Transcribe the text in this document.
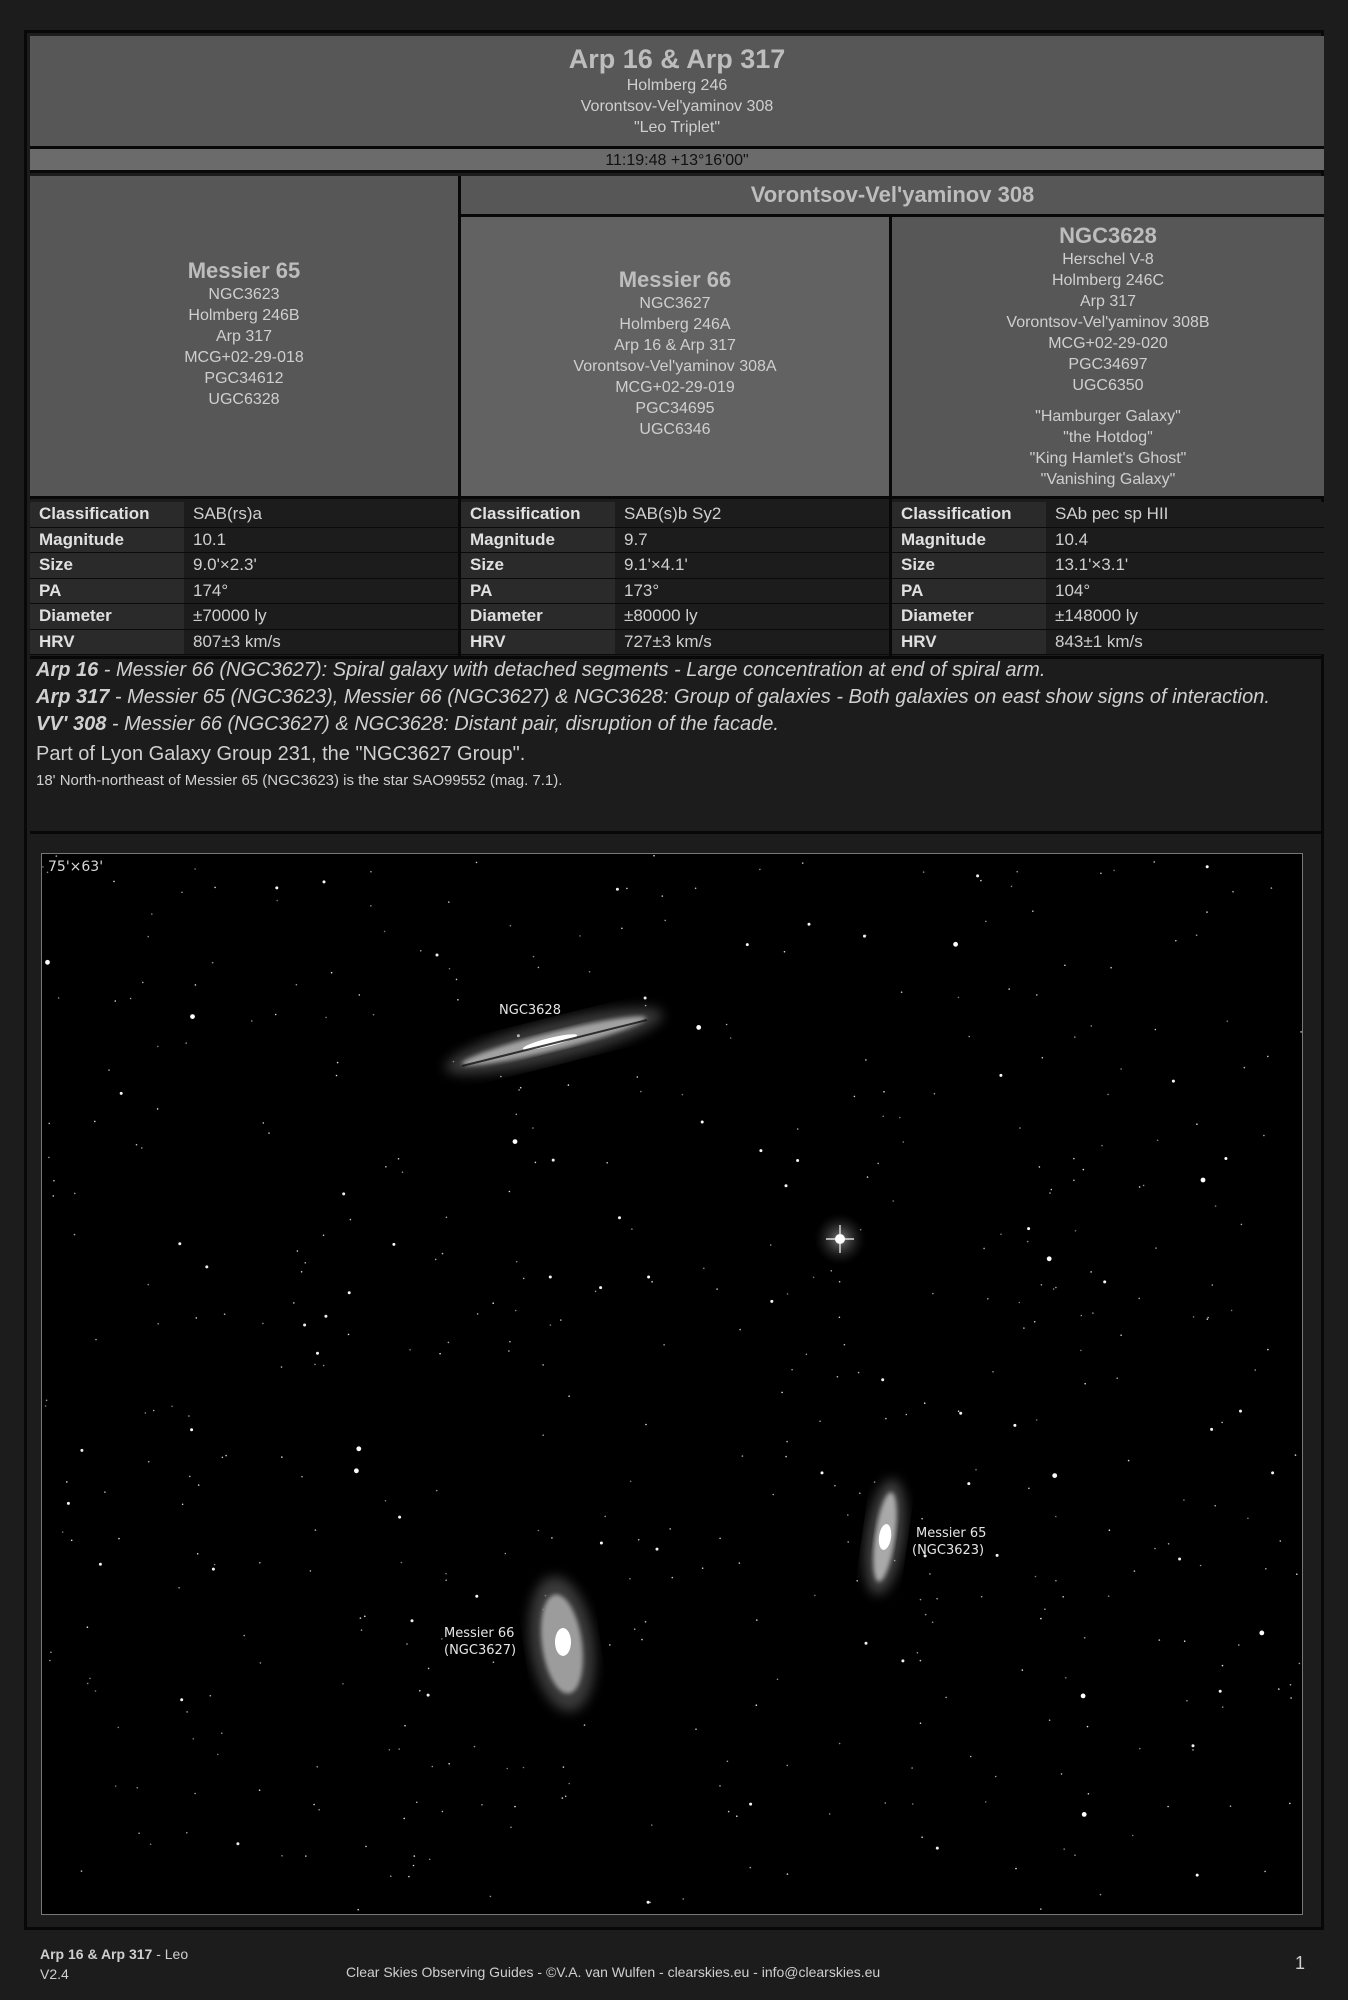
Arp 16 & Arp 317
Holmberg 246
Vorontsov-Vel'yaminov 308
"Leo Triplet"
11:19:48 +13°16'00"
Messier 65
NGC3623
Holmberg 246B
Arp 317
MCG+02-29-018
PGC34612
UGC6328
Vorontsov-Vel'yaminov 308
Messier 66
NGC3627
Holmberg 246A
Arp 16 & Arp 317
Vorontsov-Vel'yaminov 308A
MCG+02-29-019
PGC34695
UGC6346
NGC3628
Herschel V-8
Holmberg 246C
Arp 317
Vorontsov-Vel'yaminov 308B
MCG+02-29-020
PGC34697
UGC6350
"Hamburger Galaxy"
"the Hotdog"
"King Hamlet's Ghost"
"Vanishing Galaxy"
Classification	SAB(rs)a
Magnitude	10.1
Size	9.0'×2.3'
PA	174°
Diameter	±70000 ly
HRV	807±3 km/s
Classification	SAB(s)b Sy2
Magnitude	9.7
Size	9.1'×4.1'
PA	173°
Diameter	±80000 ly
HRV	727±3 km/s
Classification	SAb pec sp HII
Magnitude	10.4
Size	13.1'×3.1'
PA	104°
Diameter	±148000 ly
HRV	843±1 km/s
Arp 16 - Messier 66 (NGC3627): Spiral galaxy with detached segments - Large concentration at end of spiral arm.
Arp 317 - Messier 65 (NGC3623), Messier 66 (NGC3627) & NGC3628: Group of galaxies - Both galaxies on east show signs of interaction.
VV' 308 - Messier 66 (NGC3627) & NGC3628: Distant pair, disruption of the facade.
Part of Lyon Galaxy Group 231, the "NGC3627 Group".
18' North-northeast of Messier 65 (NGC3623) is the star SAO99552 (mag. 7.1).
NGC3628
Messier 65
(NGC3623)
Messier 66
(NGC3627)
75'×63'
Arp 16 & Arp 317 - Leo
V2.4	Clear Skies Observing Guides - ©V.A. van Wulfen - clearskies.eu - info@clearskies.eu	1
